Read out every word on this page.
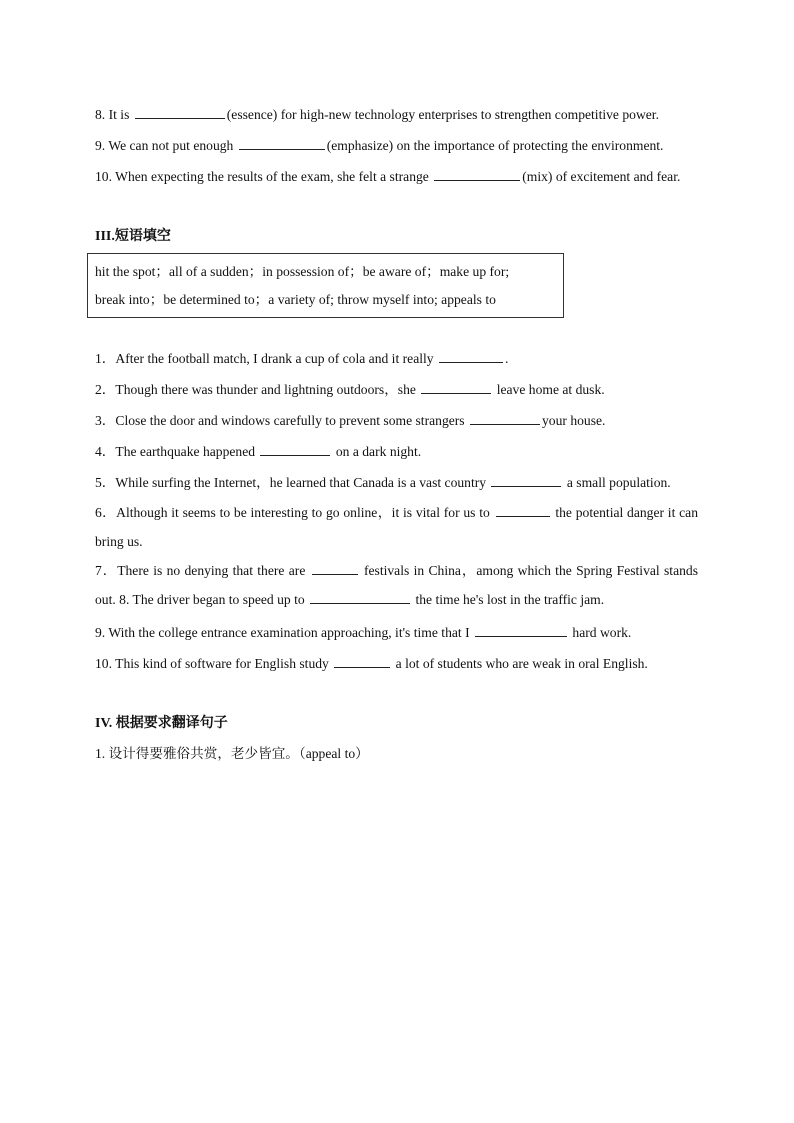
8. It is	(essence) for high-new technology enterprises to strengthen competitive power.

9. We can not put enough	(emphasize) on the importance of protecting the environment.

10. When expecting the results of the exam, she felt a strange	(mix) of excitement and fear.

III.短语填空

hit the spot；all of a sudden；in possession of；be aware of；make up for;

break into；be determined to；a variety of; throw myself into; appeals to

1．After the football match, I drank a cup of cola and it really	.

2．Though there was thunder and lightning outdoors，she	leave home at dusk.

3．Close the door and windows carefully to prevent some strangers	your house.

4．The earthquake happened	on a dark night.

5．While surfing the Internet，he learned that Canada is a vast country	a small population.

6．Although it seems to be interesting to go online，it is vital for us to	the potential danger it can bring us.

7．There is no denying that there are	festivals in China，among which the Spring Festival stands out. 8. The driver began to speed up to	the time he's lost in the traffic jam.

9. With the college entrance examination approaching, it's time that I	hard work.

10. This kind of software for English study	a lot of students who are weak in oral English.

IV. 根据要求翻译句子

1. 设计得要雅俗共赏，老少皆宜。（appeal to）
